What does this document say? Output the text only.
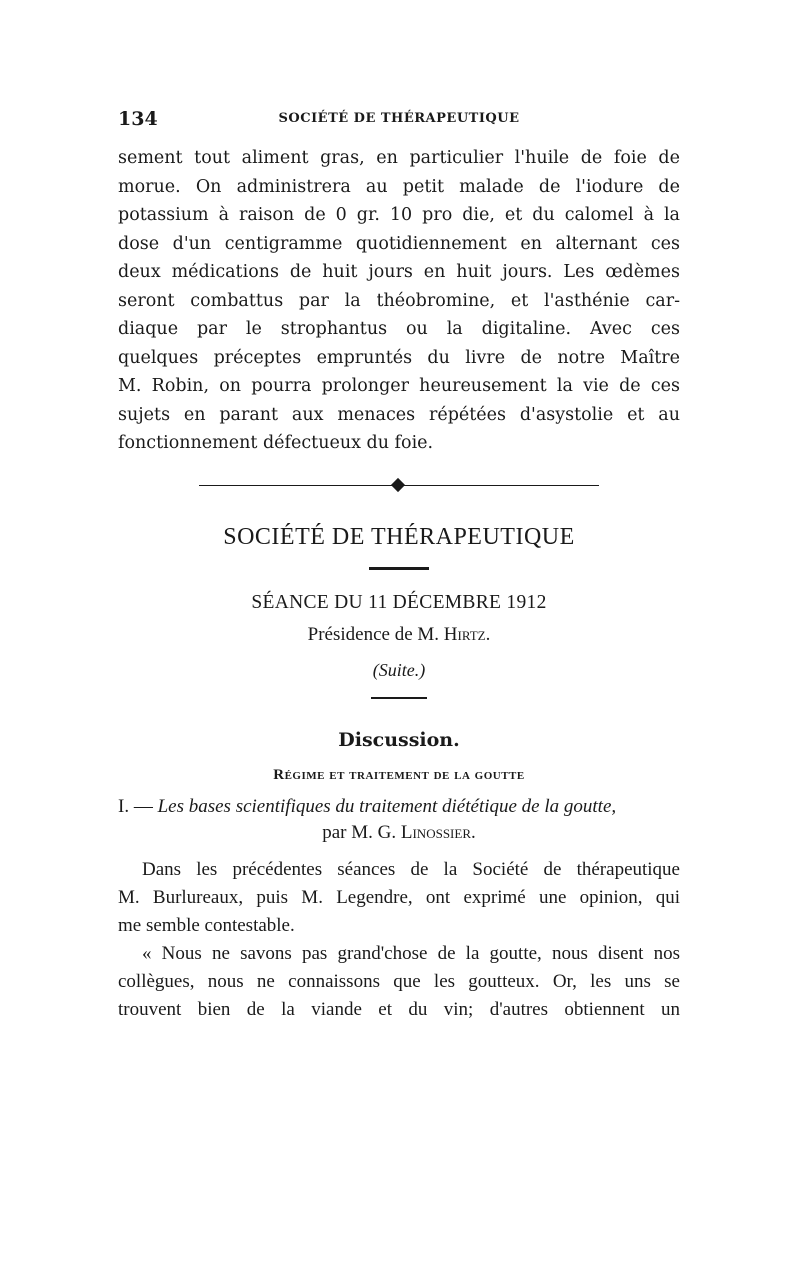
134	SOCIÉTÉ DE THÉRAPEUTIQUE
sement tout aliment gras, en particulier l'huile de foie de
morue. On administrera au petit malade de l'iodure de
potassium à raison de 0 gr. 10 pro die, et du calomel à la
dose d'un centigramme quotidiennement en alternant ces
deux médications de huit jours en huit jours. Les œdèmes
seront combattus par la théobromine, et l'asthénie car-
diaque par le strophantus ou la digitaline. Avec ces
quelques préceptes empruntés du livre de notre Maître
M. Robin, on pourra prolonger heureusement la vie de ces
sujets en parant aux menaces répétées d'asystolie et au
fonctionnement défectueux du foie.
SOCIÉTÉ DE THÉRAPEUTIQUE
SÉANCE DU 11 DÉCEMBRE 1912
Présidence de M. Hirtz.
(Suite.)
Discussion.
Régime et traitement de la goutte
I. — Les bases scientifiques du traitement diététique de la goutte,
par M. G. Linossier.
Dans les précédentes séances de la Société de thérapeutique
M. Burlureaux, puis M. Legendre, ont exprimé une opinion, qui
me semble contestable.
« Nous ne savons pas grand'chose de la goutte, nous disent nos
collègues, nous ne connaissons que les goutteux. Or, les uns se
trouvent bien de la viande et du vin; d'autres obtiennent un
